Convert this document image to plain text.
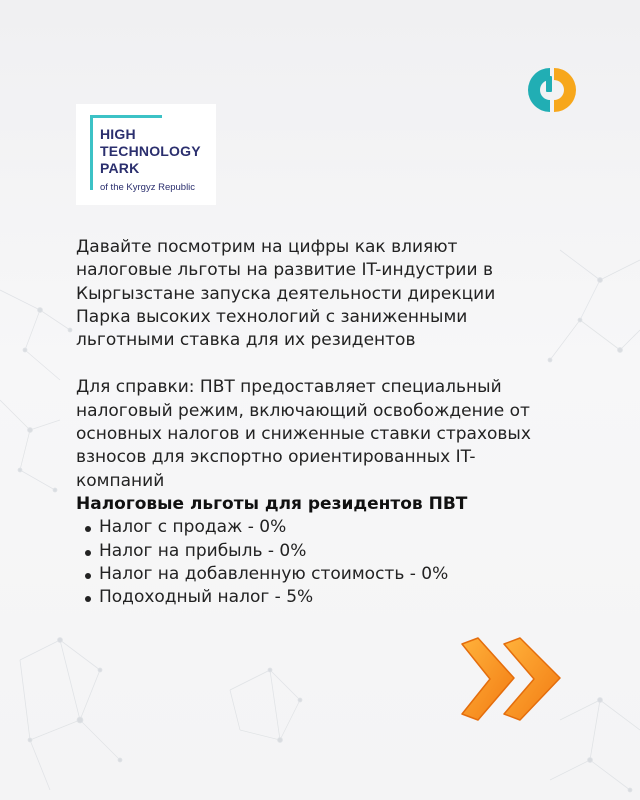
HIGH
TECHNOLOGY
PARK
of the Kyrgyz Republic

Давайте посмотрим на цифры как влияют налоговые льготы на развитие IT-индустрии в Кыргызстане запуска деятельности дирекции Парка высоких технологий с заниженными льготными ставка для их резидентов

Для справки: ПВТ предоставляет специальный налоговый режим, включающий освобождение от основных налогов и сниженные ставки страховых взносов для экспортно ориентированных IT-компаний

Налоговые льготы для резидентов ПВТ

Налог с продаж - 0%
Налог на прибыль - 0%
Налог на добавленную стоимость - 0%
Подоходный налог - 5%
